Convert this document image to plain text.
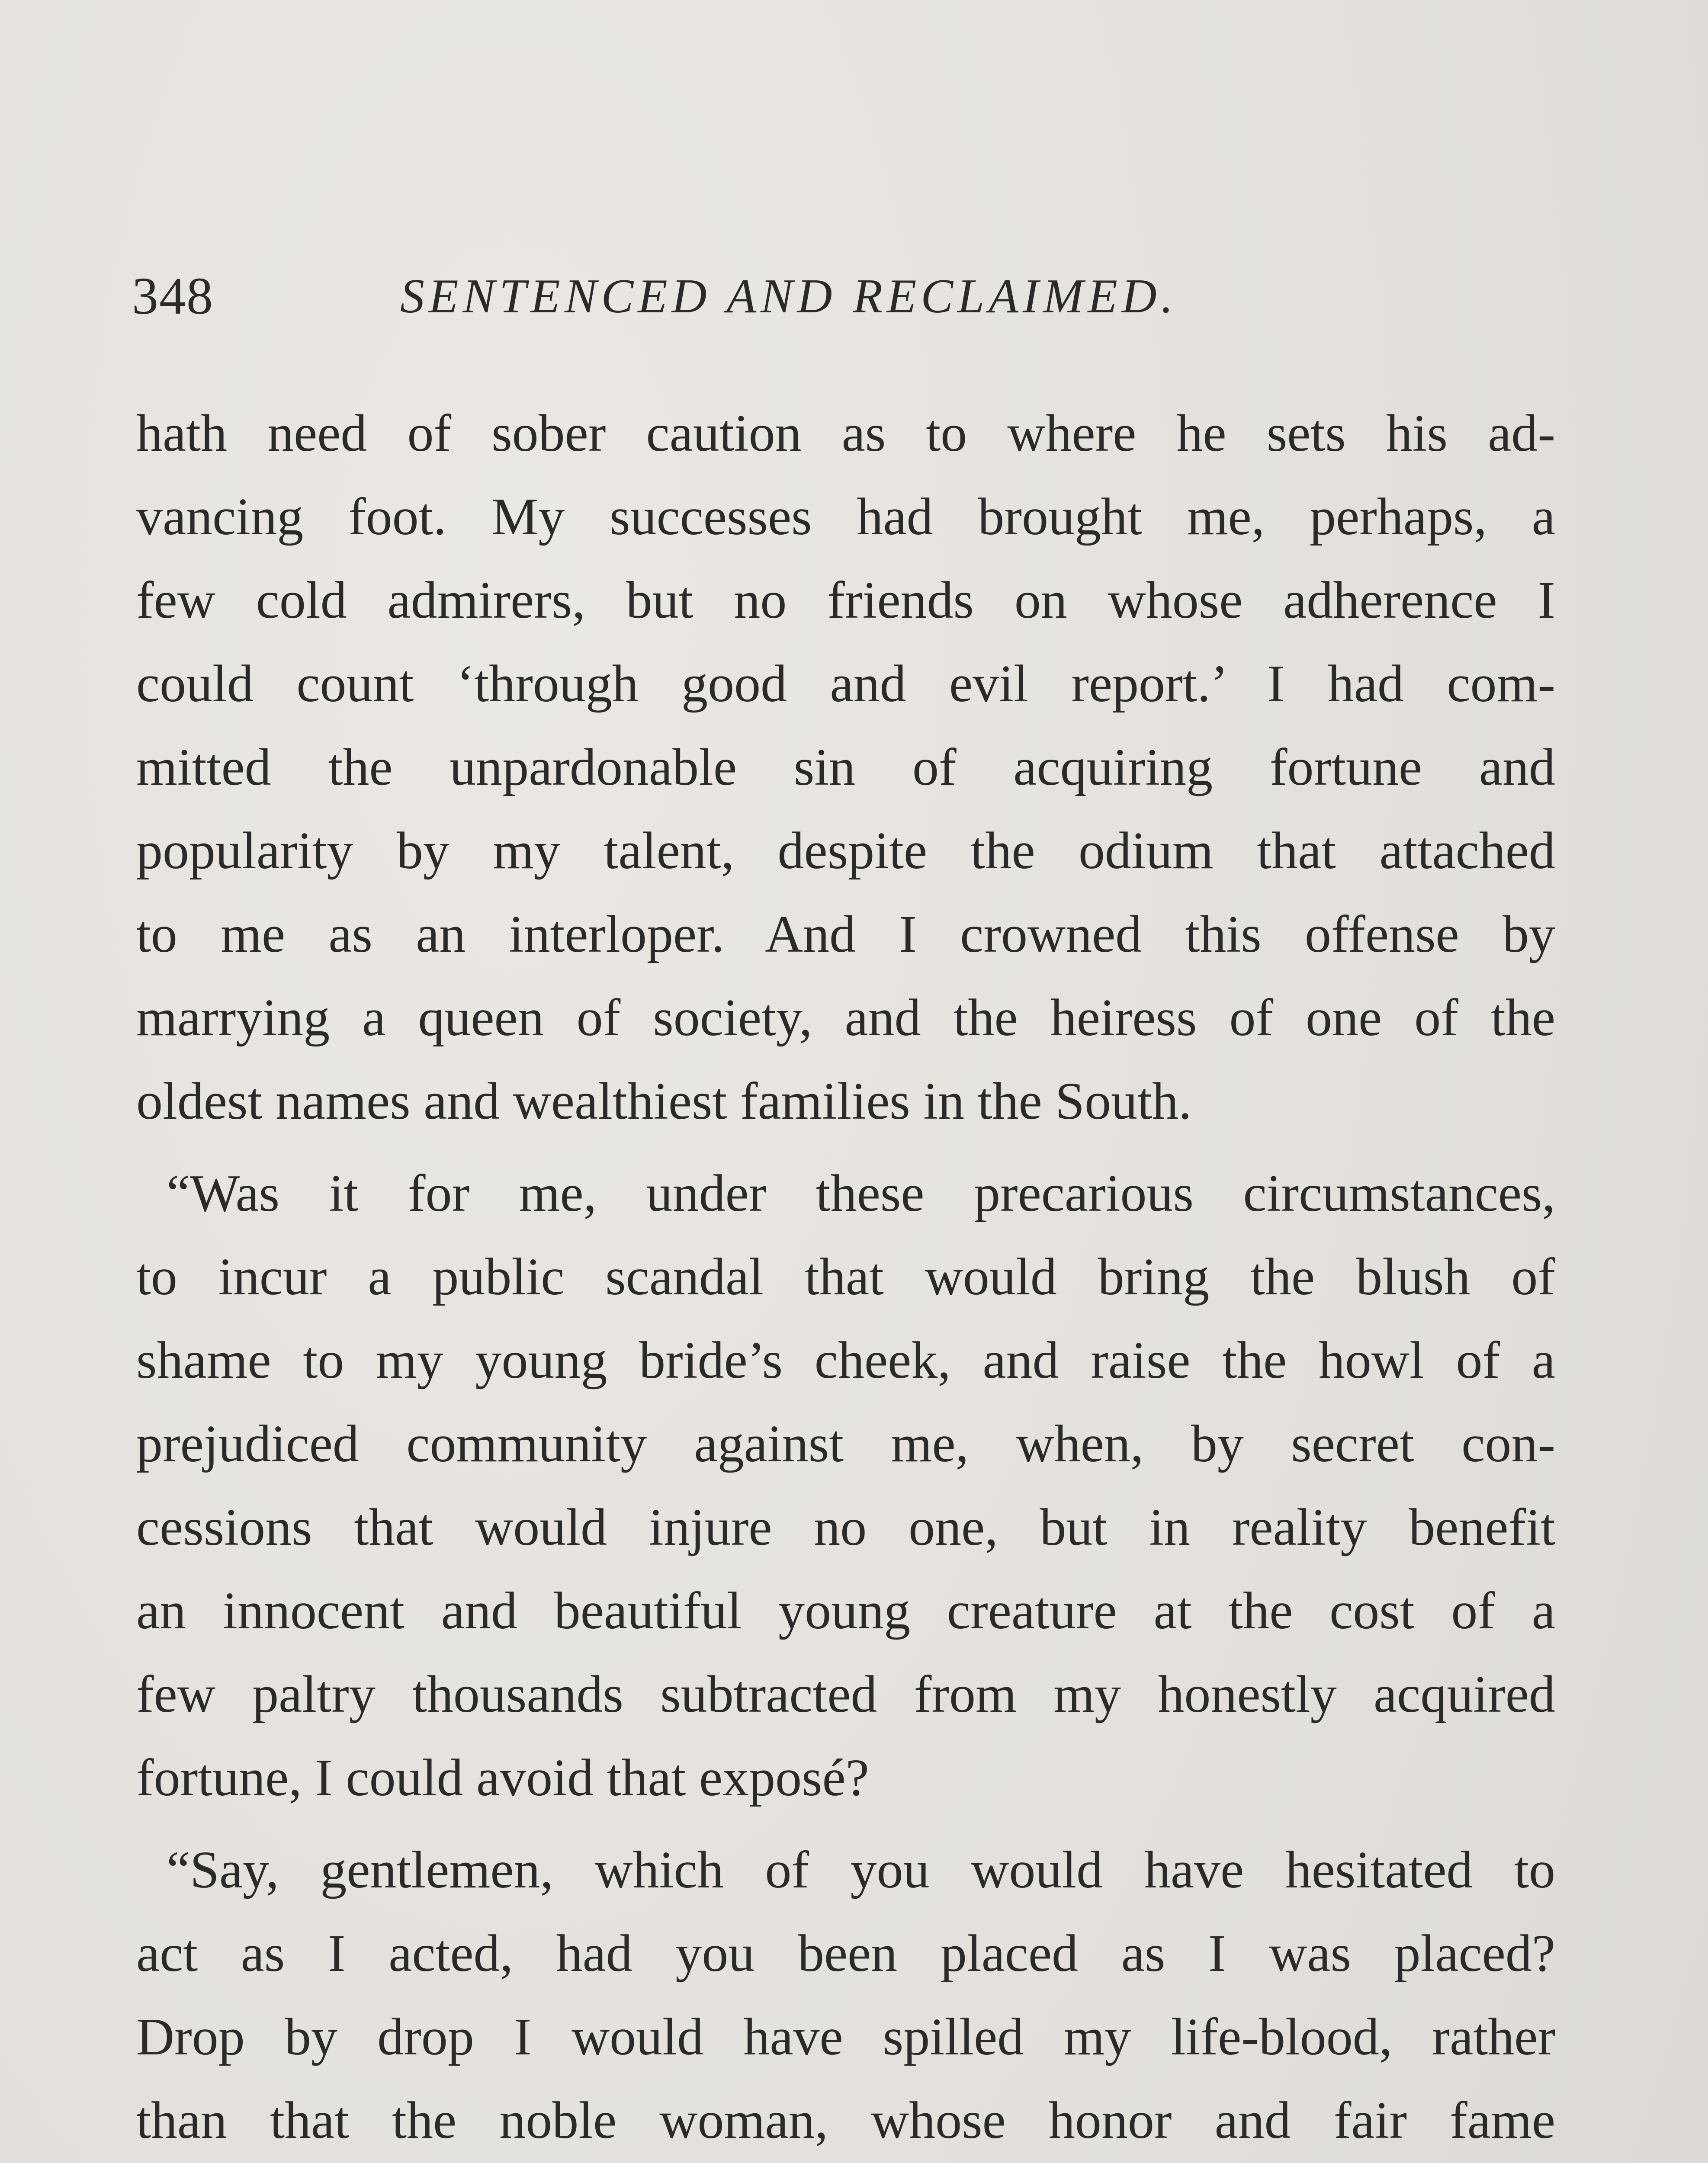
348	SENTENCED AND RECLAIMED.
hath need of sober caution as to where he sets his ad-
vancing foot. My successes had brought me, perhaps, a
few cold admirers, but no friends on whose adherence I
could count ‘through good and evil report.’ I had com-
mitted the unpardonable sin of acquiring fortune and
popularity by my talent, despite the odium that attached
to me as an interloper. And I crowned this offense by
marrying a queen of society, and the heiress of one of the
oldest names and wealthiest families in the South.
“Was it for me, under these precarious circumstances,
to incur a public scandal that would bring the blush of
shame to my young bride’s cheek, and raise the howl of a
prejudiced community against me, when, by secret con-
cessions that would injure no one, but in reality benefit
an innocent and beautiful young creature at the cost of a
few paltry thousands subtracted from my honestly acquired
fortune, I could avoid that exposé?
“Say, gentlemen, which of you would have hesitated to
act as I acted, had you been placed as I was placed?
Drop by drop I would have spilled my life-blood, rather
than that the noble woman, whose honor and fair fame
